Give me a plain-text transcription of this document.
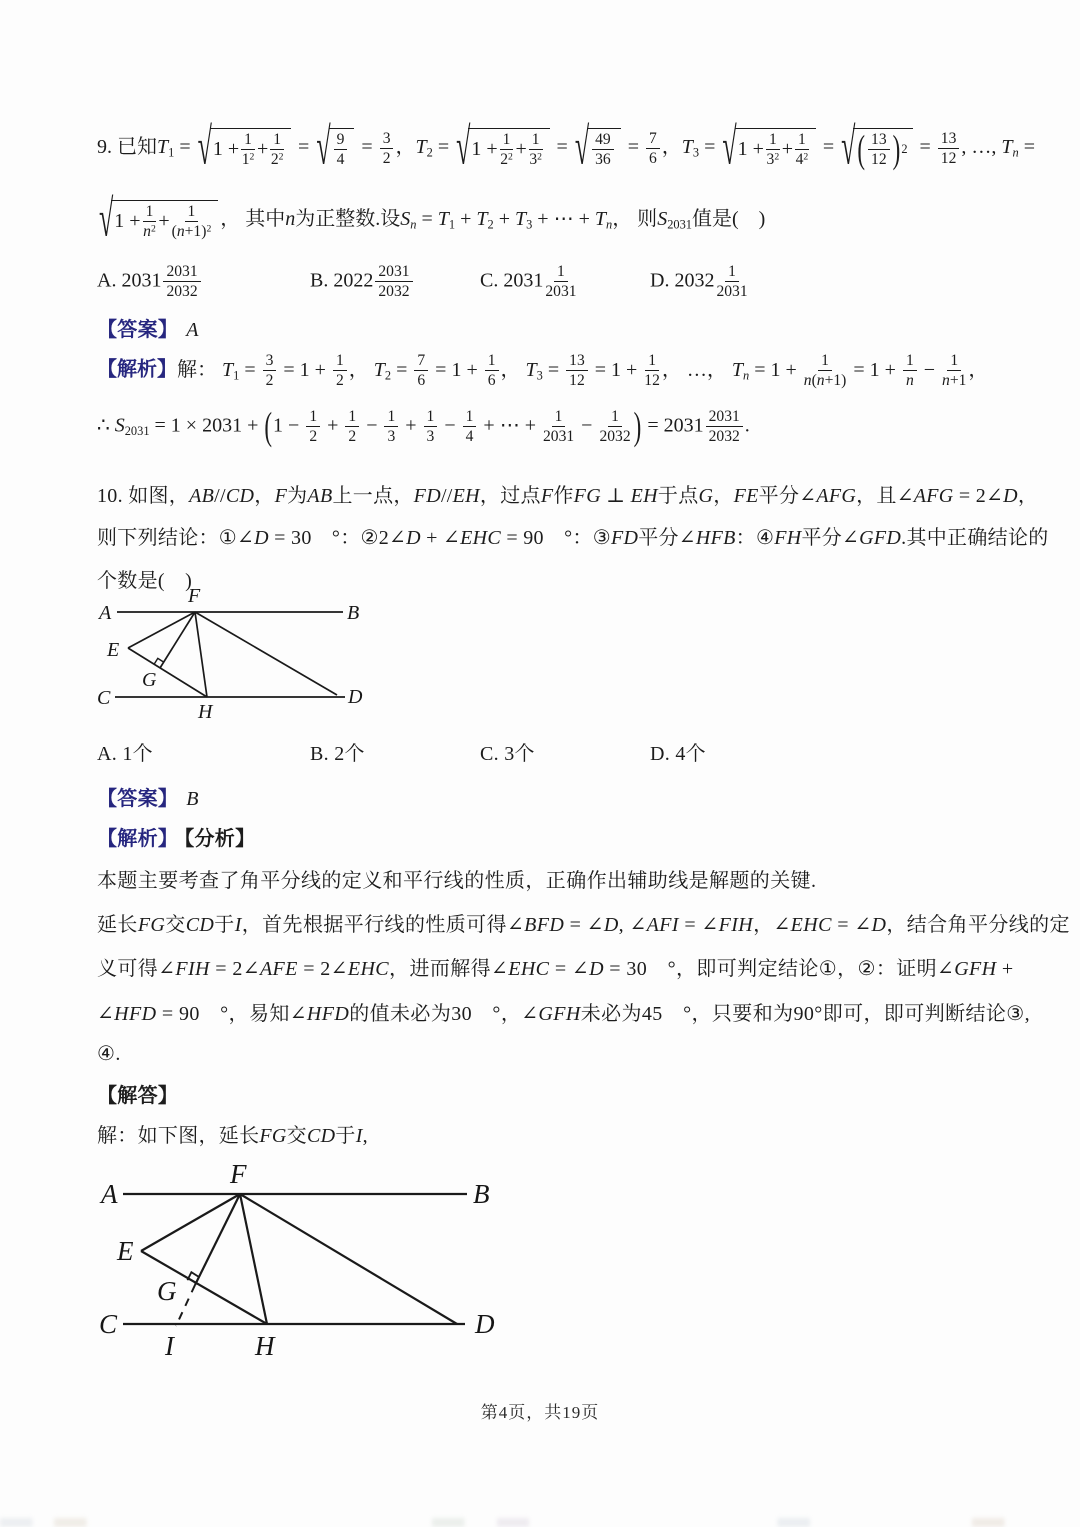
9. 已知T1 = √ $1 + \frac{1}{1^2} + \frac{1}{2^2}$ = √ 9
4
= $\frac{3}{2}$ ，T2 = √ $1 + \frac{1}{2^2} + \frac{1}{3^2}$ = √ 49
36
= $\frac{7}{6}$ ，T3 = √ $1 + \frac{1}{3^2} + \frac{1}{4^2}$ = √ ( 13
12 ) $2 = \frac{13}{12}$ , …, Tn =
√ $1 + \frac{1}{n^2} + \frac{1}{(n+1)^2}$ ， 其中n为正整数.设Sn = T1 + T2 + T3 + ⋯ + Tn， 则S2031值是(　)
A. $2031 \frac{2031}{2032}$	B. $2022 \frac{2031}{2032}$	C. $2031 \frac{1}{2031}$	D. $2032 \frac{1}{2031}$
【答案】 A
【解析】解： $T1 = \frac{3}{2} = 1 + \frac{1}{2}$ ， $T2 = \frac{7}{6} = 1 + \frac{1}{6}$ ， $T3 = \frac{13}{12} = 1 + \frac{1}{12}$ ， …， $Tn = 1 + \frac{1}{n(n+1)} = 1 + \frac{1}{n} - \frac{1}{n+1}$ ，
∴ $S2031 = 1 \times 2031 + (1 - \frac{1}{2} + \frac{1}{2} - \frac{1}{3} + \frac{1}{3} - \frac{1}{4}$ + ⋯ + $\frac{1}{2031} - \frac{1}{2032}$ ) = $2031 \frac{2031}{2032}$ .
10. 如图，AB//CD，F为AB上一点，FD//EH，过点F作FG ⊥ EH于点G，FE平分∠AFG，且∠AFG = 2∠D，
则下列结论：①∠D = 30　°：②2∠D + ∠EHC = 90　°：③FD平分∠HFB：④FH平分∠GFD.其中正确结论的
个数是(　)
A	B
C	D
E
F
G
H
A. 1个	B. 2个	C. 3个	D. 4个
【答案】 B
【解析】 【分析】
本题主要考查了角平分线的定义和平行线的性质，正确作出辅助线是解题的关键.
延长FG交CD于I，首先根据平行线的性质可得∠BFD = ∠D, ∠AFI = ∠FIH，∠EHC = ∠D，结合角平分线的定
义可得∠FIH = 2∠AFE = 2∠EHC，进而解得∠EHC = ∠D = 30　°，即可判定结论①，②：证明∠GFH +
∠HFD = 90　°，易知∠HFD的值未必为30　°，∠GFH未必为45　°，只要和为90°即可，即可判断结论③,
④.
【解答】
解：如下图，延长FG交CD于I,
A	B
C	D
E
F
G
H
I
第4页，共19页
